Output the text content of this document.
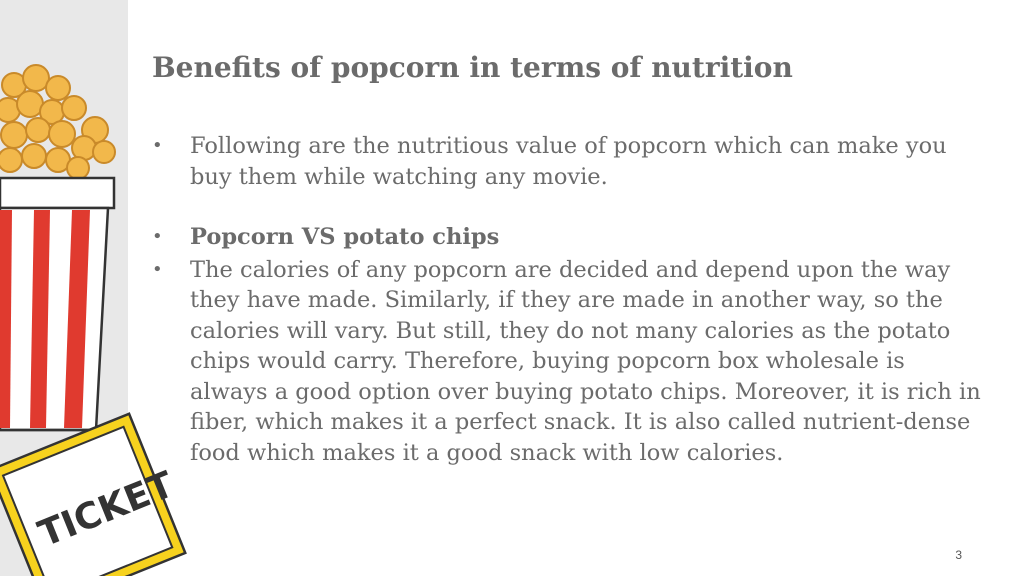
TICKET
Benefits of popcorn in terms of nutrition
•	Following are the nutritious value of popcorn which can make you buy them while watching any movie.
•	Popcorn VS potato chips
•	The calories of any popcorn are decided and depend upon the way they have made. Similarly, if they are made in another way, so the calories will vary. But still, they do not many calories as the potato chips would carry. Therefore, buying popcorn box wholesale is always a good option over buying potato chips. Moreover, it is rich in fiber, which makes it a perfect snack. It is also called nutrient-dense food which makes it a good snack with low calories.
3
